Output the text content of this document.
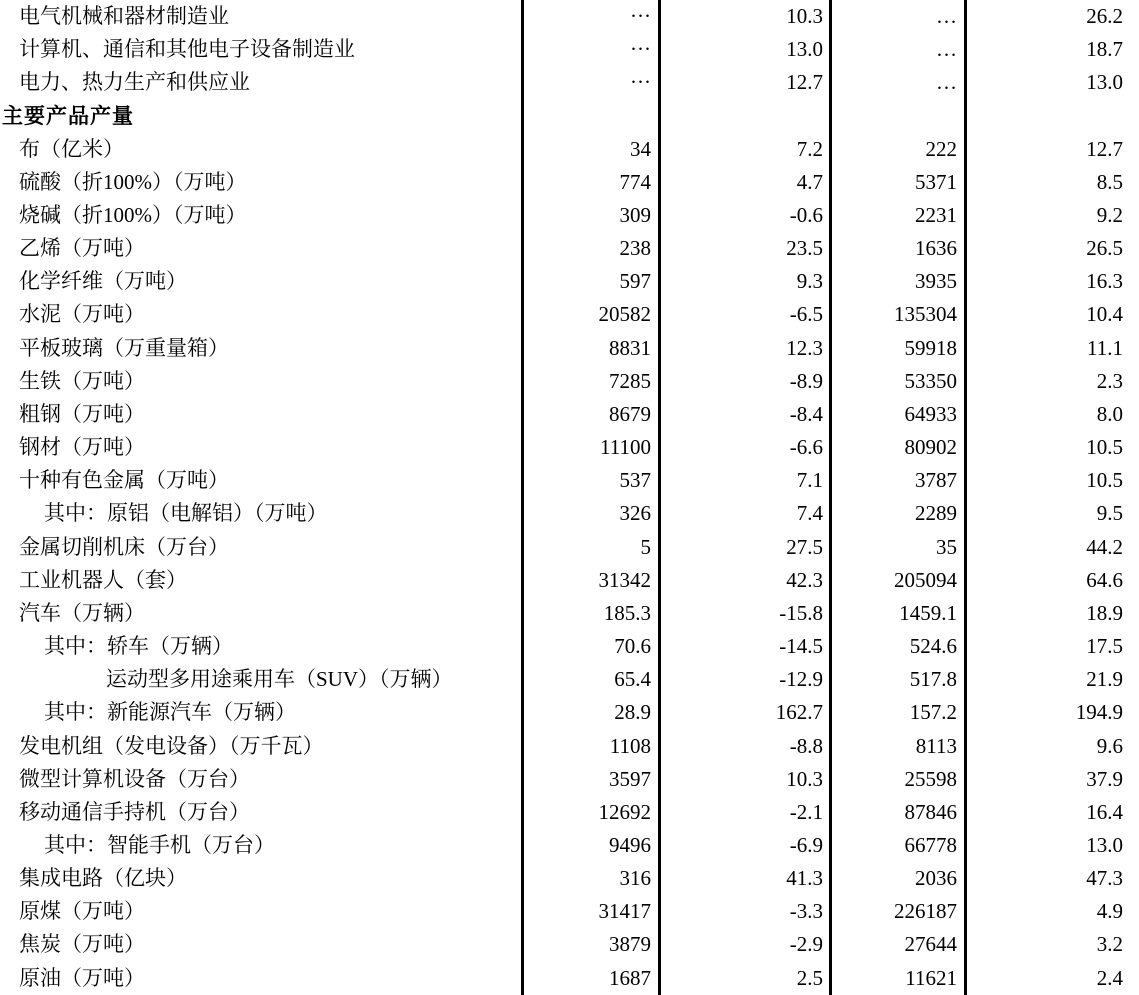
电气机械和器材制造业	···	10.3	…	26.2
计算机、通信和其他电子设备制造业	···	13.0	…	18.7
电力、热力生产和供应业	···	12.7	…	13.0
主要产品产量
布（亿米）	34	7.2	222	12.7
硫酸（折100%）（万吨）	774	4.7	5371	8.5
烧碱（折100%）（万吨）	309	-0.6	2231	9.2
乙烯（万吨）	238	23.5	1636	26.5
化学纤维（万吨）	597	9.3	3935	16.3
水泥（万吨）	20582	-6.5	135304	10.4
平板玻璃（万重量箱）	8831	12.3	59918	11.1
生铁（万吨）	7285	-8.9	53350	2.3
粗钢（万吨）	8679	-8.4	64933	8.0
钢材（万吨）	11100	-6.6	80902	10.5
十种有色金属（万吨）	537	7.1	3787	10.5
其中：原铝（电解铝）（万吨）	326	7.4	2289	9.5
金属切削机床（万台）	5	27.5	35	44.2
工业机器人（套）	31342	42.3	205094	64.6
汽车（万辆）	185.3	-15.8	1459.1	18.9
其中：轿车（万辆）	70.6	-14.5	524.6	17.5
运动型多用途乘用车（SUV）（万辆）	65.4	-12.9	517.8	21.9
其中：新能源汽车（万辆）	28.9	162.7	157.2	194.9
发电机组（发电设备）（万千瓦）	1108	-8.8	8113	9.6
微型计算机设备（万台）	3597	10.3	25598	37.9
移动通信手持机（万台）	12692	-2.1	87846	16.4
其中：智能手机（万台）	9496	-6.9	66778	13.0
集成电路（亿块）	316	41.3	2036	47.3
原煤（万吨）	31417	-3.3	226187	4.9
焦炭（万吨）	3879	-2.9	27644	3.2
原油（万吨）	1687	2.5	11621	2.4
